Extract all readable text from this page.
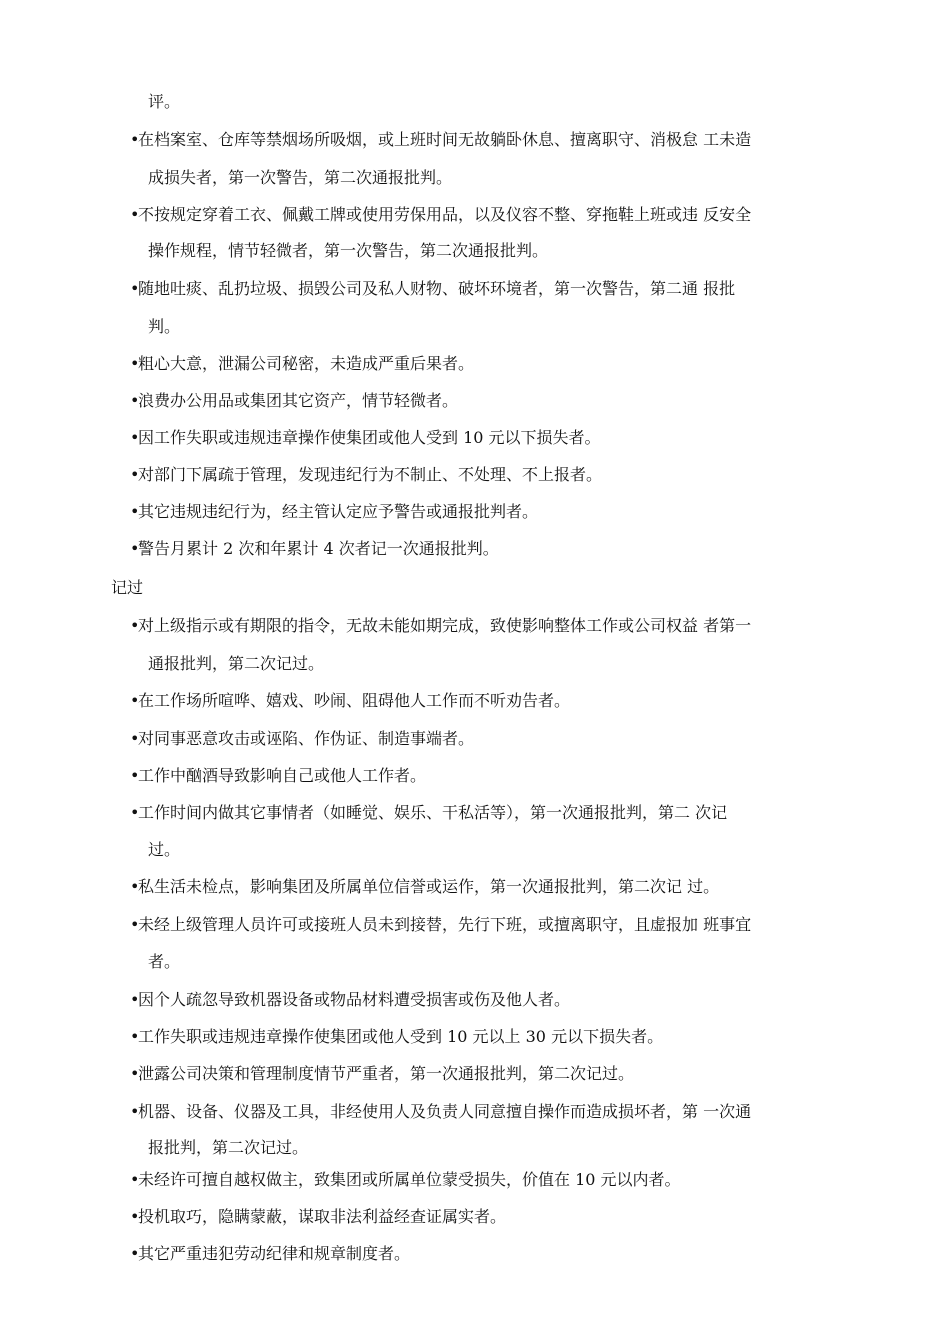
评。
•在档案室、仓库等禁烟场所吸烟，或上班时间无故躺卧休息、擅离职守、消极怠 工未造
成损失者，第一次警告，第二次通报批判。
•不按规定穿着工衣、佩戴工牌或使用劳保用品，以及仪容不整、穿拖鞋上班或违 反安全
操作规程，情节轻微者，第一次警告，第二次通报批判。
•随地吐痰、乱扔垃圾、损毁公司及私人财物、破坏环境者，第一次警告，第二通 报批
判。
•粗心大意，泄漏公司秘密，未造成严重后果者。
•浪费办公用品或集团其它资产，情节轻微者。
•因工作失职或违规违章操作使集团或他人受到 10 元以下损失者。
•对部门下属疏于管理，发现违纪行为不制止、不处理、不上报者。
•其它违规违纪行为，经主管认定应予警告或通报批判者。
•警告月累计 2 次和年累计 4 次者记一次通报批判。
记过
•对上级指示或有期限的指令，无故未能如期完成，致使影响整体工作或公司权益 者第一
通报批判，第二次记过。
•在工作场所喧哗、嬉戏、吵闹、阻碍他人工作而不听劝告者。
•对同事恶意攻击或诬陷、作伪证、制造事端者。
•工作中酗酒导致影响自己或他人工作者。
•工作时间内做其它事情者（如睡觉、娱乐、干私活等），第一次通报批判，第二 次记
过。
•私生活未检点，影响集团及所属单位信誉或运作，第一次通报批判，第二次记 过。
•未经上级管理人员许可或接班人员未到接替，先行下班，或擅离职守，且虚报加 班事宜
者。
•因个人疏忽导致机器设备或物品材料遭受损害或伤及他人者。
•工作失职或违规违章操作使集团或他人受到 10 元以上 30 元以下损失者。
•泄露公司决策和管理制度情节严重者，第一次通报批判，第二次记过。
•机器、设备、仪器及工具，非经使用人及负责人同意擅自操作而造成损坏者，第 一次通
报批判，第二次记过。
•未经许可擅自越权做主，致集团或所属单位蒙受损失，价值在 10 元以内者。
•投机取巧，隐瞒蒙蔽，谋取非法利益经查证属实者。
•其它严重违犯劳动纪律和规章制度者。
